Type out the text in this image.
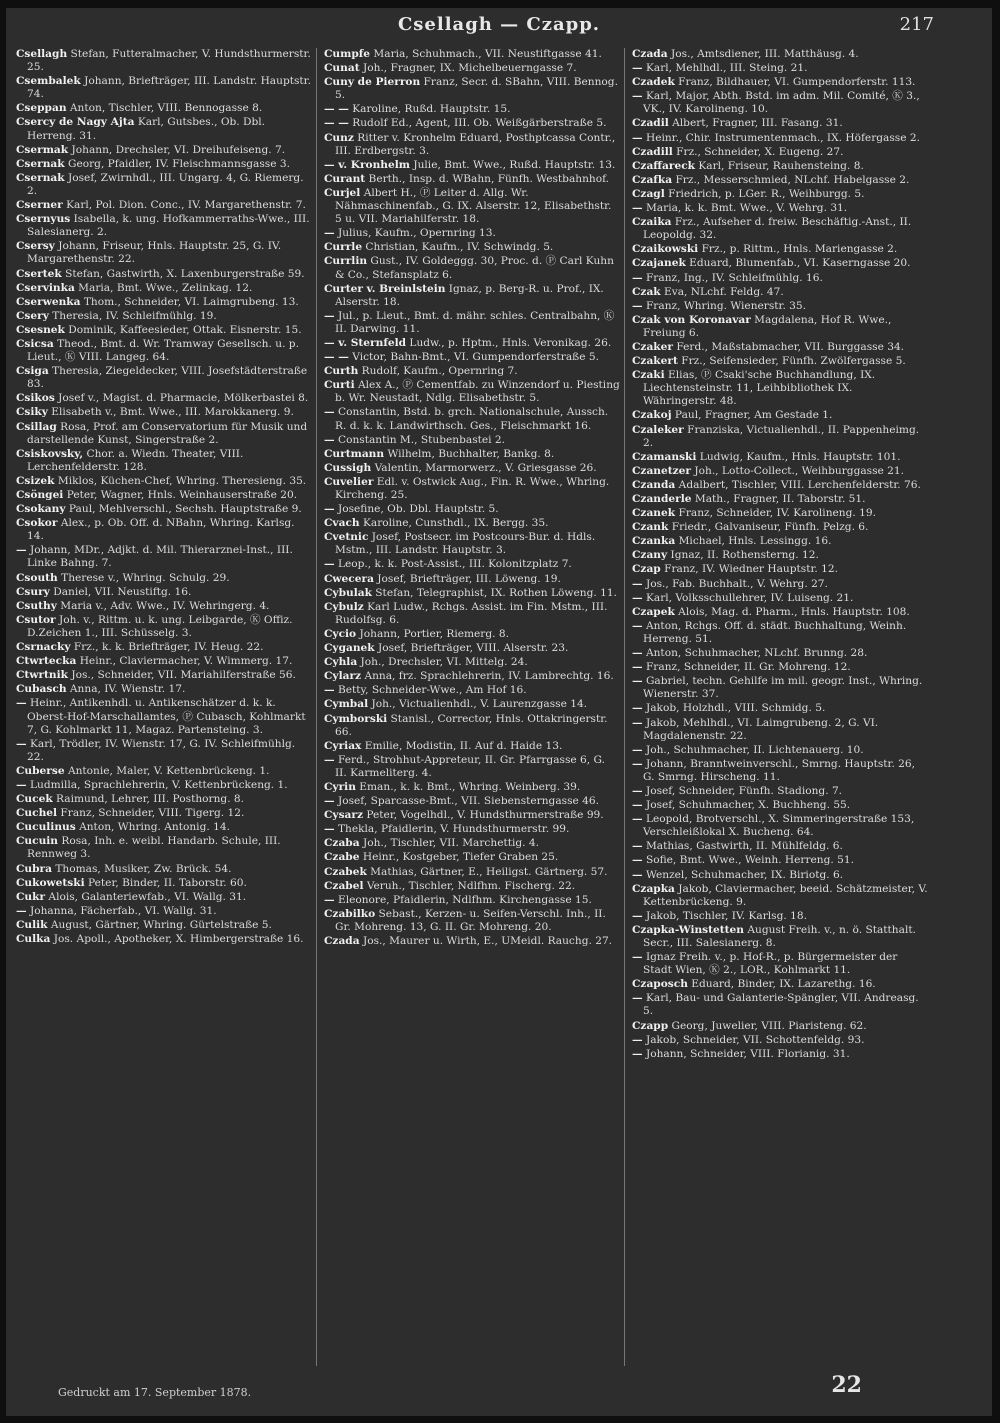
Csellagh — Czapp.	217
Csellagh Stefan, Futteralmacher, V. Hundsthurmerstr. 25.
Csembalek Johann, Briefträger, III. Landstr. Hauptstr. 74.
Cseppan Anton, Tischler, VIII. Bennogasse 8.
Csercy de Nagy Ajta Karl, Gutsbes., Ob. Dbl. Herreng. 31.
Csermak Johann, Drechsler, VI. Dreihufeiseng. 7.
Csernak Georg, Pfaidler, IV. Fleischmannsgasse 3.
Csernak Josef, Zwirnhdl., III. Ungarg. 4, G. Riemerg. 2.
Cserner Karl, Pol. Dion. Conc., IV. Margarethenstr. 7.
Csernyus Isabella, k. ung. Hofkammerraths-Wwe., III. Salesianerg. 2.
Csersy Johann, Friseur, Hnls. Hauptstr. 25, G. IV. Margarethenstr. 22.
Csertek Stefan, Gastwirth, X. Laxenburgerstraße 59.
Cservinka Maria, Bmt. Wwe., Zelinkag. 12.
Cserwenka Thom., Schneider, VI. Laimgrubeng. 13.
Csery Theresia, IV. Schleifmühlg. 19.
Csesnek Dominik, Kaffeesieder, Ottak. Eisnerstr. 15.
Csicsa Theod., Bmt. d. Wr. Tramway Gesellsch. u. p. Lieut., Ⓚ VIII. Langeg. 64.
Csiga Theresia, Ziegeldecker, VIII. Josefstädterstraße 83.
Csikos Josef v., Magist. d. Pharmacie, Mölkerbastei 8.
Csiky Elisabeth v., Bmt. Wwe., III. Marokkanerg. 9.
Csillag Rosa, Prof. am Conservatorium für Musik und darstellende Kunst, Singerstraße 2.
Csiskovsky, Chor. a. Wiedn. Theater, VIII. Lerchenfelderstr. 128.
Csizek Miklos, Küchen-Chef, Whring. Theresieng. 35.
Csöngei Peter, Wagner, Hnls. Weinhauserstraße 20.
Csokany Paul, Mehlverschl., Sechsh. Hauptstraße 9.
Csokor Alex., p. Ob. Off. d. NBahn, Whring. Karlsg. 14.
— Johann, MDr., Adjkt. d. Mil. Thierarznei-Inst., III. Linke Bahng. 7.
Csouth Therese v., Whring. Schulg. 29.
Csury Daniel, VII. Neustiftg. 16.
Csuthy Maria v., Adv. Wwe., IV. Wehringerg. 4.
Csutor Joh. v., Rittm. u. k. ung. Leibgarde, Ⓚ Offiz. D.Zeichen 1., III. Schüsselg. 3.
Csrnacky Frz., k. k. Briefträger, IV. Heug. 22.
Ctwrtecka Heinr., Claviermacher, V. Wimmerg. 17.
Ctwrtnik Jos., Schneider, VII. Mariahilferstraße 56.
Cubasch Anna, IV. Wienstr. 17.
— Heinr., Antikenhdl. u. Antikenschätzer d. k. k. Oberst-Hof-Marschallamtes, Ⓟ Cubasch, Kohlmarkt 7, G. Kohlmarkt 11, Magaz. Partensteing. 3.
— Karl, Trödler, IV. Wienstr. 17, G. IV. Schleifmühlg. 22.
Cuberse Antonie, Maler, V. Kettenbrückeng. 1.
— Ludmilla, Sprachlehrerin, V. Kettenbrückeng. 1.
Cucek Raimund, Lehrer, III. Posthorng. 8.
Cuchel Franz, Schneider, VIII. Tigerg. 12.
Cuculinus Anton, Whring. Antonig. 14.
Cucuin Rosa, Inh. e. weibl. Handarb. Schule, III. Rennweg 3.
Cubra Thomas, Musiker, Zw. Brück. 54.
Cukowetski Peter, Binder, II. Taborstr. 60.
Cukr Alois, Galanteriewfab., VI. Wallg. 31.
— Johanna, Fächerfab., VI. Wallg. 31.
Culik August, Gärtner, Whring. Gürtelstraße 5.
Culka Jos. Apoll., Apotheker, X. Himbergerstraße 16.
Cumpfe Maria, Schuhmach., VII. Neustiftgasse 41.
Cunat Joh., Fragner, IX. Michelbeuerngasse 7.
Cuny de Pierron Franz, Secr. d. SBahn, VIII. Bennog. 5.
— — Karoline, Rußd. Hauptstr. 15.
— — Rudolf Ed., Agent, III. Ob. Weißgärberstraße 5.
Cunz Ritter v. Kronhelm Eduard, Posthptcassa Contr., III. Erdbergstr. 3.
— v. Kronhelm Julie, Bmt. Wwe., Rußd. Hauptstr. 13.
Curant Berth., Insp. d. WBahn, Fünfh. Westbahnhof.
Curjel Albert H., Ⓟ Leiter d. Allg. Wr. Nähmaschinenfab., G. IX. Alserstr. 12, Elisabethstr. 5 u. VII. Mariahilferstr. 18.
— Julius, Kaufm., Opernring 13.
Currle Christian, Kaufm., IV. Schwindg. 5.
Currlin Gust., IV. Goldeggg. 30, Proc. d. Ⓟ Carl Kuhn & Co., Stefansplatz 6.
Curter v. Breinlstein Ignaz, p. Berg-R. u. Prof., IX. Alserstr. 18.
— Jul., p. Lieut., Bmt. d. mähr. schles. Centralbahn, Ⓚ II. Darwing. 11.
— v. Sternfeld Ludw., p. Hptm., Hnls. Veronikag. 26.
— — Victor, Bahn-Bmt., VI. Gumpendorferstraße 5.
Curth Rudolf, Kaufm., Opernring 7.
Curti Alex A., Ⓟ Cementfab. zu Winzendorf u. Piesting b. Wr. Neustadt, Ndlg. Elisabethstr. 5.
— Constantin, Bstd. b. grch. Nationalschule, Aussch. R. d. k. k. Landwirthsch. Ges., Fleischmarkt 16.
— Constantin M., Stubenbastei 2.
Curtmann Wilhelm, Buchhalter, Bankg. 8.
Cussigh Valentin, Marmorwerz., V. Griesgasse 26.
Cuvelier Edl. v. Ostwick Aug., Fin. R. Wwe., Whring. Kircheng. 25.
— Josefine, Ob. Dbl. Hauptstr. 5.
Cvach Karoline, Cunsthdl., IX. Bergg. 35.
Cvetnic Josef, Postsecr. im Postcours-Bur. d. Hdls. Mstm., III. Landstr. Hauptstr. 3.
— Leop., k. k. Post-Assist., III. Kolonitzplatz 7.
Cwecera Josef, Briefträger, III. Löweng. 19.
Cybulak Stefan, Telegraphist, IX. Rothen Löweng. 11.
Cybulz Karl Ludw., Rchgs. Assist. im Fin. Mstm., III. Rudolfsg. 6.
Cycio Johann, Portier, Riemerg. 8.
Cyganek Josef, Briefträger, VIII. Alserstr. 23.
Cyhla Joh., Drechsler, VI. Mittelg. 24.
Cylarz Anna, frz. Sprachlehrerin, IV. Lambrechtg. 16.
— Betty, Schneider-Wwe., Am Hof 16.
Cymbal Joh., Victualienhdl., V. Laurenzgasse 14.
Cymborski Stanisl., Corrector, Hnls. Ottakringerstr. 66.
Cyriax Emilie, Modistin, II. Auf d. Haide 13.
— Ferd., Strohhut-Appreteur, II. Gr. Pfarrgasse 6, G. II. Karmeliterg. 4.
Cyrin Eman., k. k. Bmt., Whring. Weinberg. 39.
— Josef, Sparcasse-Bmt., VII. Siebensterngasse 46.
Cysarz Peter, Vogelhdl., V. Hundsthurmerstraße 99.
— Thekla, Pfaidlerin, V. Hundsthurmerstr. 99.
Czaba Joh., Tischler, VII. Marchettig. 4.
Czabe Heinr., Kostgeber, Tiefer Graben 25.
Czabek Mathias, Gärtner, E., Heiligst. Gärtnerg. 57.
Czabel Veruh., Tischler, Ndlfhm. Fischerg. 22.
— Eleonore, Pfaidlerin, Ndlfhm. Kirchengasse 15.
Czabilko Sebast., Kerzen- u. Seifen-Verschl. Inh., II. Gr. Mohreng. 13, G. II. Gr. Mohreng. 20.
Czada Jos., Maurer u. Wirth, E., UMeidl. Rauchg. 27.
Czada Jos., Amtsdiener, III. Matthäusg. 4.
— Karl, Mehlhdl., III. Steing. 21.
Czadek Franz, Bildhauer, VI. Gumpendorferstr. 113.
— Karl, Major, Abth. Bstd. im adm. Mil. Comité, Ⓚ 3., VK., IV. Karolineng. 10.
Czadil Albert, Fragner, III. Fasang. 31.
— Heinr., Chir. Instrumentenmach., IX. Höfergasse 2.
Czadill Frz., Schneider, X. Eugeng. 27.
Czaffareck Karl, Friseur, Rauhensteing. 8.
Czafka Frz., Messerschmied, NLchf. Habelgasse 2.
Czagl Friedrich, p. LGer. R., Weihburgg. 5.
— Maria, k. k. Bmt. Wwe., V. Wehrg. 31.
Czaika Frz., Aufseher d. freiw. Beschäftig.-Anst., II. Leopoldg. 32.
Czaikowski Frz., p. Rittm., Hnls. Mariengasse 2.
Czajanek Eduard, Blumenfab., VI. Kaserngasse 20.
— Franz, Ing., IV. Schleifmühlg. 16.
Czak Eva, NLchf. Feldg. 47.
— Franz, Whring. Wienerstr. 35.
Czak von Koronavar Magdalena, Hof R. Wwe., Freiung 6.
Czaker Ferd., Maßstabmacher, VII. Burggasse 34.
Czakert Frz., Seifensieder, Fünfh. Zwölfergasse 5.
Czaki Elias, Ⓟ Csaki'sche Buchhandlung, IX. Liechtensteinstr. 11, Leihbibliothek IX. Währingerstr. 48.
Czakoj Paul, Fragner, Am Gestade 1.
Czaleker Franziska, Victualienhdl., II. Pappenheimg. 2.
Czamanski Ludwig, Kaufm., Hnls. Hauptstr. 101.
Czanetzer Joh., Lotto-Collect., Weihburggasse 21.
Czanda Adalbert, Tischler, VIII. Lerchenfelderstr. 76.
Czanderle Math., Fragner, II. Taborstr. 51.
Czanek Franz, Schneider, IV. Karolineng. 19.
Czank Friedr., Galvaniseur, Fünfh. Pelzg. 6.
Czanka Michael, Hnls. Lessingg. 16.
Czany Ignaz, II. Rothensterng. 12.
Czap Franz, IV. Wiedner Hauptstr. 12.
— Jos., Fab. Buchhalt., V. Wehrg. 27.
— Karl, Volksschullehrer, IV. Luiseng. 21.
Czapek Alois, Mag. d. Pharm., Hnls. Hauptstr. 108.
— Anton, Rchgs. Off. d. städt. Buchhaltung, Weinh. Herreng. 51.
— Anton, Schuhmacher, NLchf. Brunng. 28.
— Franz, Schneider, II. Gr. Mohreng. 12.
— Gabriel, techn. Gehilfe im mil. geogr. Inst., Whring. Wienerstr. 37.
— Jakob, Holzhdl., VIII. Schmidg. 5.
— Jakob, Mehlhdl., VI. Laimgrubeng. 2, G. VI. Magdalenenstr. 22.
— Joh., Schuhmacher, II. Lichtenauerg. 10.
— Johann, Branntweinverschl., Smrng. Hauptstr. 26, G. Smrng. Hirscheng. 11.
— Josef, Schneider, Fünfh. Stadiong. 7.
— Josef, Schuhmacher, X. Buchheng. 55.
— Leopold, Brotverschl., X. Simmeringerstraße 153, Verschleißlokal X. Bucheng. 64.
— Mathias, Gastwirth, II. Mühlfeldg. 6.
— Sofie, Bmt. Wwe., Weinh. Herreng. 51.
— Wenzel, Schuhmacher, IX. Biriotg. 6.
Czapka Jakob, Claviermacher, beeid. Schätzmeister, V. Kettenbrückeng. 9.
— Jakob, Tischler, IV. Karlsg. 18.
Czapka-Winstetten August Freih. v., n. ö. Statthalt. Secr., III. Salesianerg. 8.
— Ignaz Freih. v., p. Hof-R., p. Bürgermeister der Stadt Wien, Ⓚ 2., LOR., Kohlmarkt 11.
Czaposch Eduard, Binder, IX. Lazarethg. 16.
— Karl, Bau- und Galanterie-Spängler, VII. Andreasg. 5.
Czapp Georg, Juwelier, VIII. Piaristeng. 62.
— Jakob, Schneider, VII. Schottenfeldg. 93.
— Johann, Schneider, VIII. Florianig. 31.
Gedruckt am 17. September 1878.	22
